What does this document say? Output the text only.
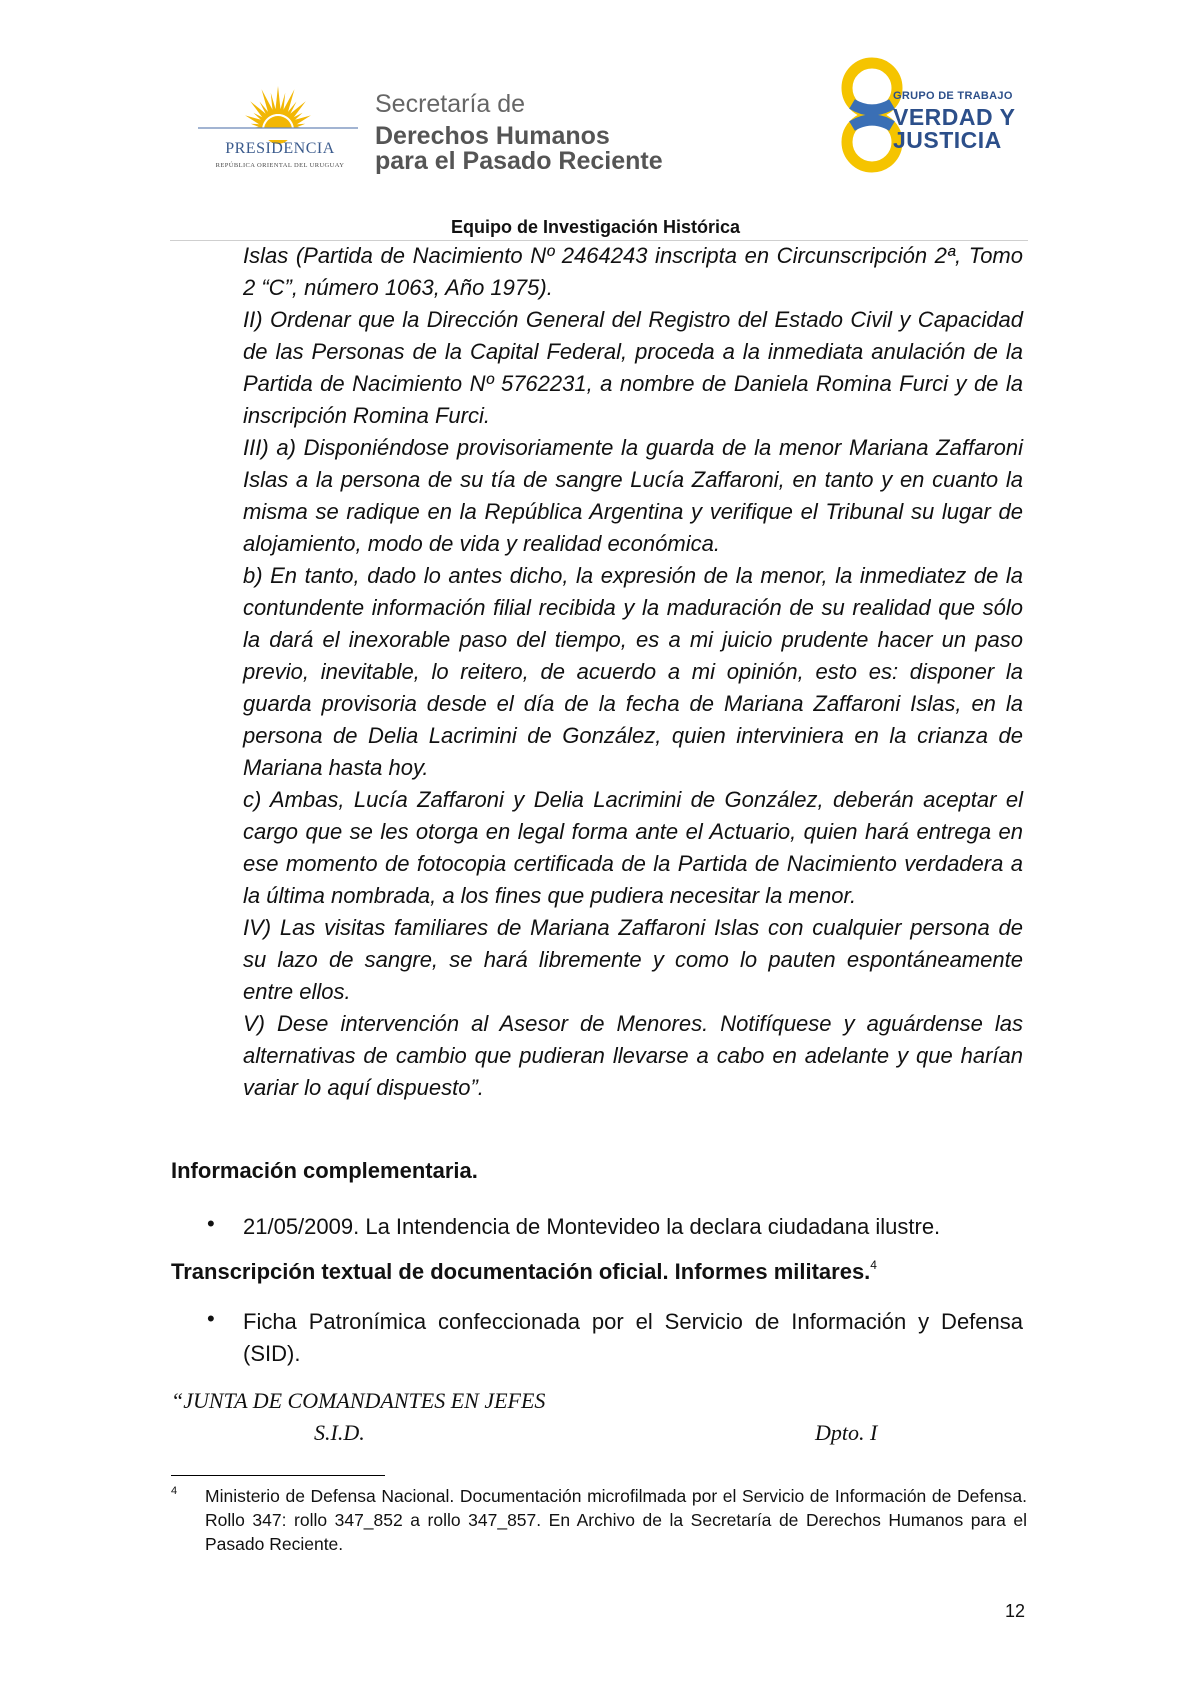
PRESIDENCIA
REPÚBLICA ORIENTAL DEL URUGUAY
Secretaría de
Derechos Humanos
para el Pasado Reciente
GRUPO DE TRABAJO
VERDAD Y
JUSTICIA
Equipo de Investigación Histórica

Islas (Partida de Nacimiento Nº 2464243 inscripta en Circunscripción 2ª, Tomo 2 “C”, número 1063, Año 1975).

II) Ordenar que la Dirección General del Registro del Estado Civil y Capacidad de las Personas de la Capital Federal, proceda a la inmediata anulación de la Partida de Nacimiento Nº 5762231, a nombre de Daniela Romina Furci y de la inscripción Romina Furci.

III) a) Disponiéndose provisoriamente la guarda de la menor Mariana Zaffaroni Islas a la persona de su tía de sangre Lucía Zaffaroni, en tanto y en cuanto la misma se radique en la República Argentina y verifique el Tribunal su lugar de alojamiento, modo de vida y realidad económica.

b) En tanto, dado lo antes dicho, la expresión de la menor, la inmediatez de la contundente información filial recibida y la maduración de su realidad que sólo la dará el inexorable paso del tiempo, es a mi juicio prudente hacer un paso previo, inevitable, lo reitero, de acuerdo a mi opinión, esto es: disponer la guarda provisoria desde el día de la fecha de Mariana Zaffaroni Islas, en la persona de Delia Lacrimini de González, quien interviniera en la crianza de Mariana hasta hoy.

c) Ambas, Lucía Zaffaroni y Delia Lacrimini de González, deberán aceptar el cargo que se les otorga en legal forma ante el Actuario, quien hará entrega en ese momento de fotocopia certificada de la Partida de Nacimiento verdadera a la última nombrada, a los fines que pudiera necesitar la menor.

IV) Las visitas familiares de Mariana Zaffaroni Islas con cualquier persona de su lazo de sangre, se hará libremente y como lo pauten espontáneamente entre ellos.

V) Dese intervención al Asesor de Menores. Notifíquese y aguárdense las alternativas de cambio que pudieran llevarse a cabo en adelante y que harían variar lo aquí dispuesto”.

Información complementaria.
• 21/05/2009. La Intendencia de Montevideo la declara ciudadana ilustre.
Transcripción textual de documentación oficial. Informes militares.$^4$
• Ficha Patronímica confeccionada por el Servicio de Información y Defensa (SID).
“JUNTA DE COMANDANTES EN JEFES
S.I.D.	Dpto. I
4 Ministerio de Defensa Nacional. Documentación microfilmada por el Servicio de Información de Defensa. Rollo 347: rollo 347_852 a rollo 347_857. En Archivo de la Secretaría de Derechos Humanos para el Pasado Reciente.
12
